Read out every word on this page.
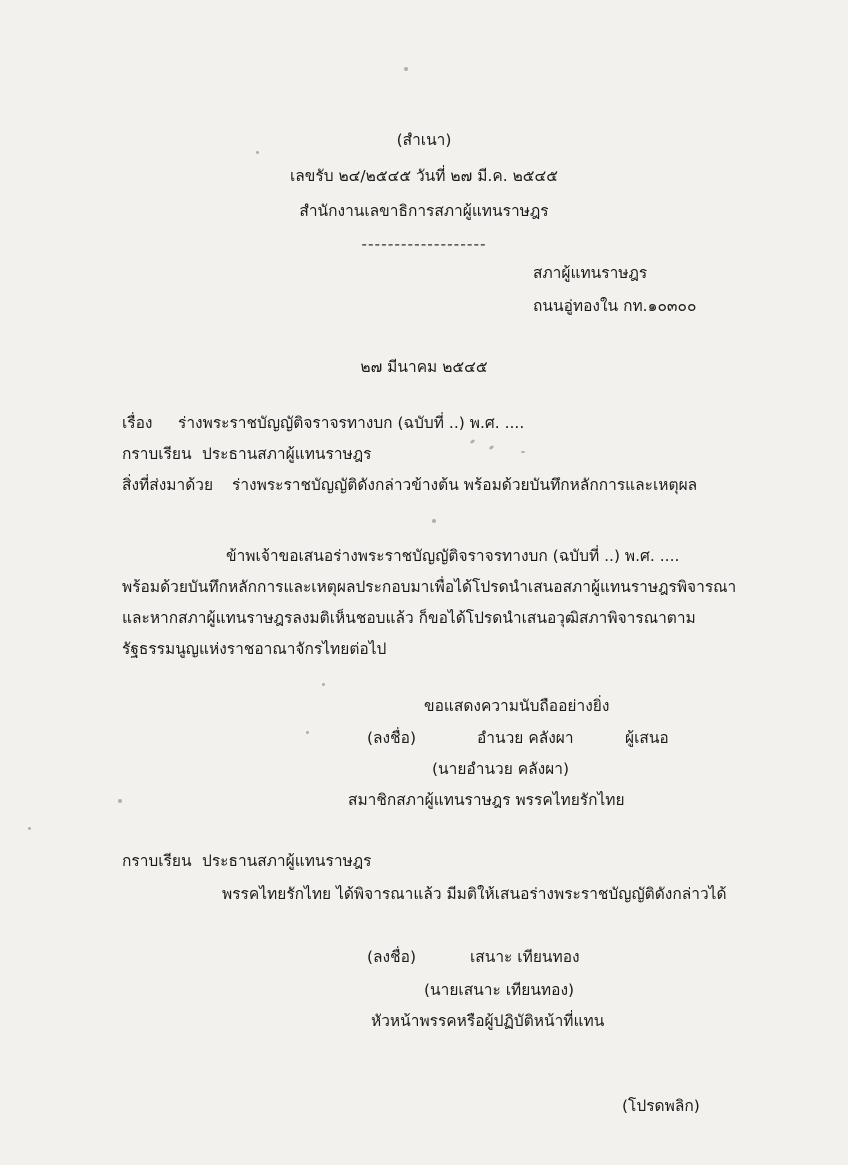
(สำเนา)
เลขรับ ๒๔/๒๕๔๕ วันที่ ๒๗ มี.ค. ๒๕๔๕
สำนักงานเลขาธิการสภาผู้แทนราษฎร
-------------------
สภาผู้แทนราษฎร
ถนนอู่ทองใน กท.๑๐๓๐๐
๒๗ มีนาคม ๒๕๔๕
เรื่อง ร่างพระราชบัญญัติจราจรทางบก (ฉบับที่ ..) พ.ศ. ....
กราบเรียน ประธานสภาผู้แทนราษฎร
สิ่งที่ส่งมาด้วย ร่างพระราชบัญญัติดังกล่าวข้างต้น พร้อมด้วยบันทึกหลักการและเหตุผล
ข้าพเจ้าขอเสนอร่างพระราชบัญญัติจราจรทางบก (ฉบับที่ ..) พ.ศ. ....
พร้อมด้วยบันทึกหลักการและเหตุผลประกอบมาเพื่อได้โปรดนำเสนอสภาผู้แทนราษฎรพิจารณา
และหากสภาผู้แทนราษฎรลงมติเห็นชอบแล้ว ก็ขอได้โปรดนำเสนอวุฒิสภาพิจารณาตาม
รัฐธรรมนูญแห่งราชอาณาจักรไทยต่อไป
ขอแสดงความนับถืออย่างยิ่ง
(ลงชื่อ)	อำนวย คลังผา	ผู้เสนอ
(นายอำนวย คลังผา)
สมาชิกสภาผู้แทนราษฎร พรรคไทยรักไทย
กราบเรียน ประธานสภาผู้แทนราษฎร
พรรคไทยรักไทย ได้พิจารณาแล้ว มีมติให้เสนอร่างพระราชบัญญัติดังกล่าวได้
(ลงชื่อ)	เสนาะ เทียนทอง
(นายเสนาะ เทียนทอง)
หัวหน้าพรรคหรือผู้ปฏิบัติหน้าที่แทน
(โปรดพลิก)
